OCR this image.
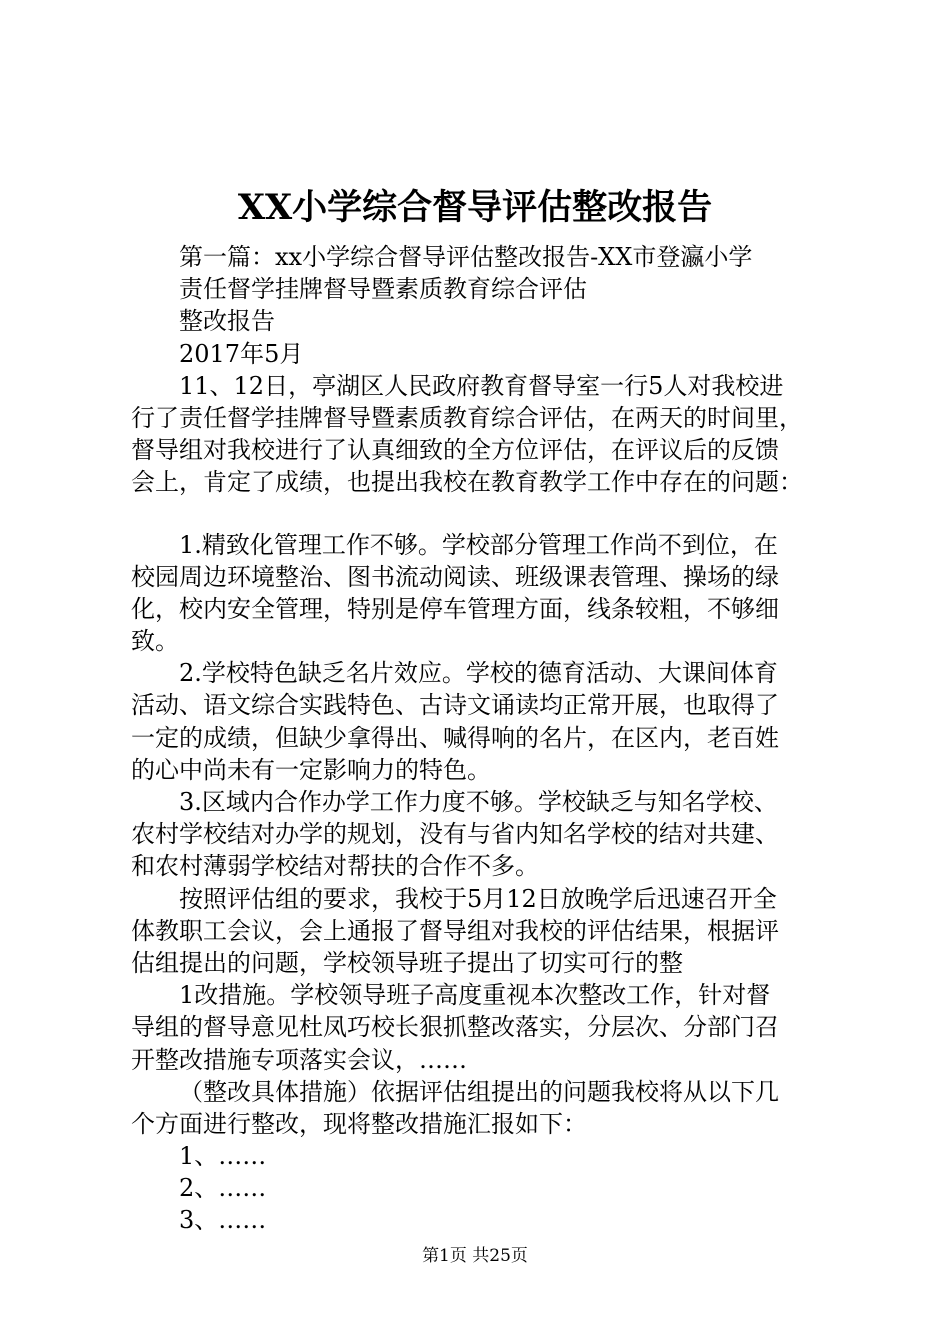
XX小学综合督导评估整改报告
第一篇：xx小学综合督导评估整改报告-XX市登瀛小学
责任督学挂牌督导暨素质教育综合评估
整改报告
2017年5月
11、12日，亭湖区人民政府教育督导室一行5人对我校进
行了责任督学挂牌督导暨素质教育综合评估，在两天的时间里，
督导组对我校进行了认真细致的全方位评估，在评议后的反馈
会上，肯定了成绩，也提出我校在教育教学工作中存在的问题：
1.精致化管理工作不够。学校部分管理工作尚不到位，在
校园周边环境整治、图书流动阅读、班级课表管理、操场的绿
化，校内安全管理，特别是停车管理方面，线条较粗，不够细
致。
2.学校特色缺乏名片效应。学校的德育活动、大课间体育
活动、语文综合实践特色、古诗文诵读均正常开展，也取得了
一定的成绩，但缺少拿得出、喊得响的名片，在区内，老百姓
的心中尚未有一定影响力的特色。
3.区域内合作办学工作力度不够。学校缺乏与知名学校、
农村学校结对办学的规划，没有与省内知名学校的结对共建、
和农村薄弱学校结对帮扶的合作不多。
按照评估组的要求，我校于5月12日放晚学后迅速召开全
体教职工会议，会上通报了督导组对我校的评估结果，根据评
估组提出的问题，学校领导班子提出了切实可行的整
1改措施。学校领导班子高度重视本次整改工作，针对督
导组的督导意见杜凤巧校长狠抓整改落实，分层次、分部门召
开整改措施专项落实会议，……
（整改具体措施）依据评估组提出的问题我校将从以下几
个方面进行整改，现将整改措施汇报如下：
1、……
2、……
3、……
第1页 共25页
